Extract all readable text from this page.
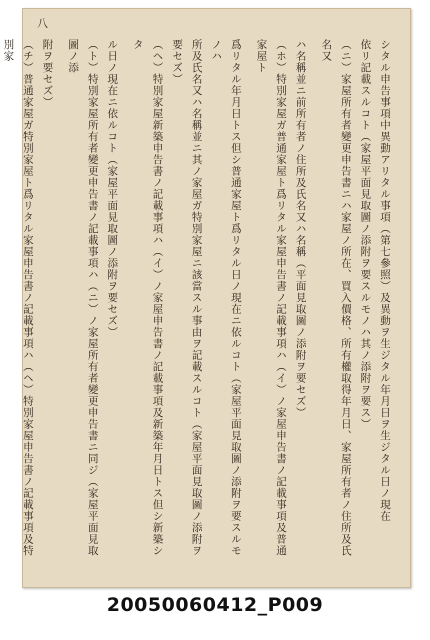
八

シタル申告事項中異動アリタル事項（第七參照）及異動ヲ生ジタル年月日ヲ生ジタル日ノ現在

依リ記載スルコト（家屋平面見取圖ノ添附ヲ要スルモノハ其ノ添附ヲ要ス）

（ニ）家屋所有者變更申告書ニハ家屋ノ所在、買入價格、所有權取得年月日、家屋所有者ノ住所及氏名又

ハ名稱並ニ前所有者ノ住所及氏名又ハ名稱（平面見取圖ノ添附ヲ要セズ）

（ホ）特別家屋ガ普通家屋ト爲リタル家屋申告書ノ記載事項ハ（イ）ノ家屋申告書ノ記載事項及普通家屋ト

爲リタル年月日トス但シ普通家屋ト爲リタル日ノ現在ニ依ルコト（家屋平面見取圖ノ添附ヲ要スルモノハ

所及氏名又ハ名稱並ニ其ノ家屋ガ特別家屋ニ該當スル事由ヲ記載スルコト（家屋平面見取圖ノ添附ヲ

要セズ）

（ヘ）特別家屋新築申告書ノ記載事項ハ（イ）ノ家屋申告書ノ記載事項及新築年月日トス但シ新築シタ

ル日ノ現在ニ依ルコト（家屋平面見取圖ノ添附ヲ要セズ）

（ト）特別家屋所有者變更申告書ノ記載事項ハ（ニ）ノ家屋所有者變更申告書ニ同ジ（家屋平面見取圖ノ添

附ヲ要セズ）

（チ）普通家屋ガ特別家屋ト爲リタル家屋申告書ノ記載事項ハ（ヘ）特別家屋申告書ノ記載事項及特別家

20050060412_P009
